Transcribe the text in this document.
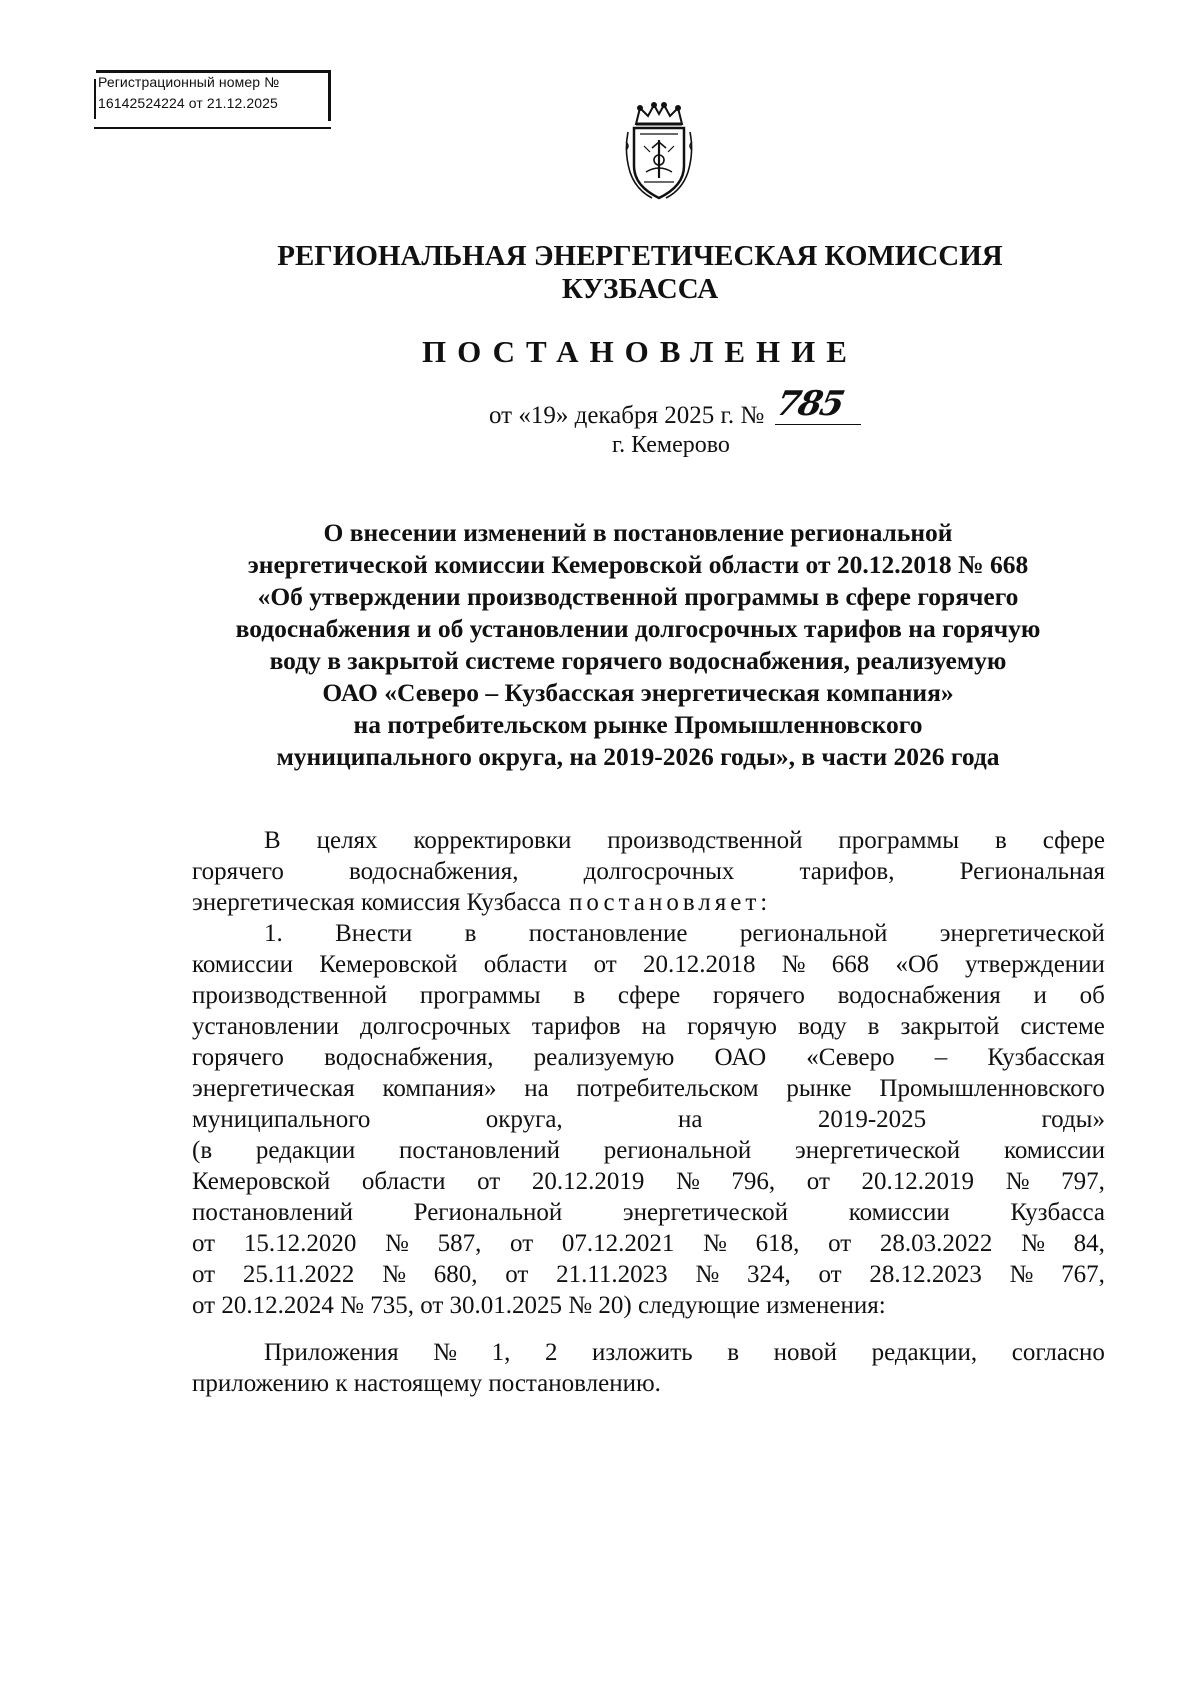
Регистрационный номер №
16142524224 от 21.12.2025
РЕГИОНАЛЬНАЯ ЭНЕРГЕТИЧЕСКАЯ КОМИССИЯ
КУЗБАССА
ПОСТАНОВЛЕНИЕ
от «19» декабря 2025 г. № 785
г. Кемерово
О внесении изменений в постановление региональной
энергетической комиссии Кемеровской области от 20.12.2018 № 668
«Об утверждении производственной программы в сфере горячего
водоснабжения и об установлении долгосрочных тарифов на горячую
воду в закрытой системе горячего водоснабжения, реализуемую
ОАО «Северо – Кузбасская энергетическая компания»
на потребительском рынке Промышленновского
муниципального округа, на 2019-2026 годы», в части 2026 года
В целях корректировки производственной программы в сфере
горячего	водоснабжения,	долгосрочных	тарифов,	Региональная
энергетическая комиссия Кузбасса постановляет:
1. Внести в постановление региональной энергетической
комиссии Кемеровской области от 20.12.2018 № 668 «Об утверждении
производственной программы в сфере горячего водоснабжения и об
установлении долгосрочных тарифов на горячую воду в закрытой системе
горячего водоснабжения, реализуемую ОАО «Северо – Кузбасская
энергетическая компания» на потребительском рынке Промышленновского
муниципального	округа,	на	2019-2025	годы»
(в редакции постановлений региональной энергетической комиссии
Кемеровской области от 20.12.2019 № 796, от 20.12.2019 № 797,
постановлений Региональной энергетической комиссии Кузбасса
от 15.12.2020 № 587, от 07.12.2021 № 618, от 28.03.2022 № 84,
от 25.11.2022 № 680, от 21.11.2023 № 324, от 28.12.2023 № 767,
от 20.12.2024 № 735, от 30.01.2025 № 20) следующие изменения:
Приложения № 1, 2 изложить в новой редакции, согласно
приложению к настоящему постановлению.
